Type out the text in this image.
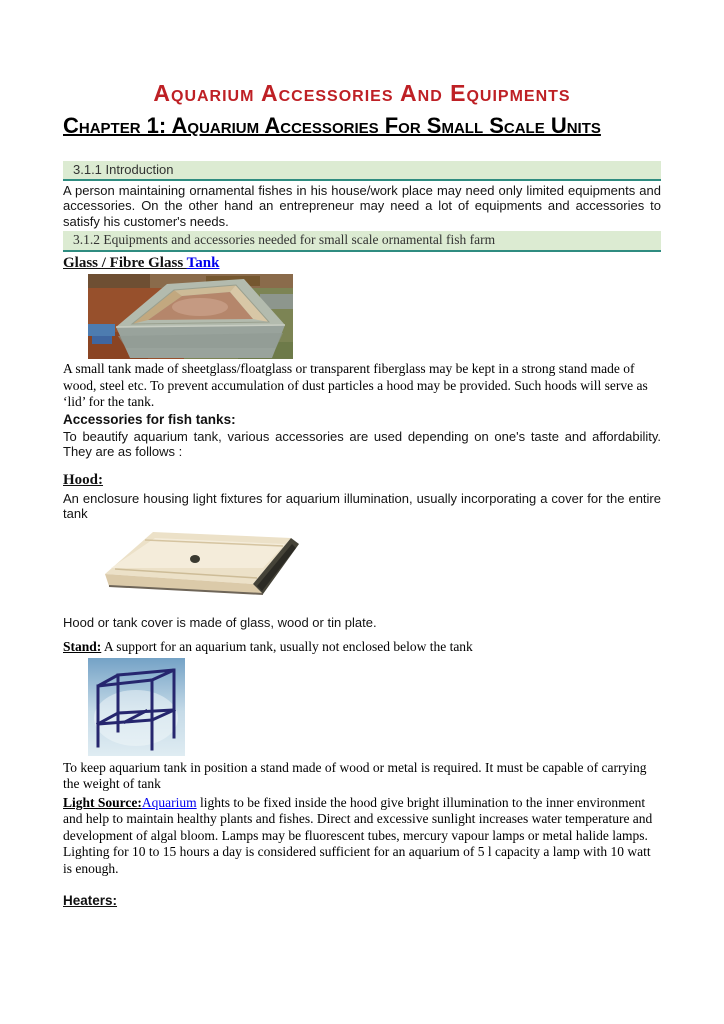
Aquarium Accessories And Equipments
Chapter 1: Aquarium Accessories For Small Scale Units
3.1.1 Introduction

A person maintaining ornamental fishes in his house/work place may need only limited equipments and accessories. On the other hand an entrepreneur may need a lot of equipments and accessories to satisfy his customer's needs.

3.1.2 Equipments and accessories needed for small scale ornamental fish farm
Glass / Fibre Glass Tank

A small tank made of sheetglass/floatglass or transparent fiberglass may be kept in a strong stand made of wood, steel etc. To prevent accumulation of dust particles a hood may be provided. Such hoods will serve as ‘lid’ for the tank.

Accessories for fish tanks:

To beautify aquarium tank, various accessories are used depending on one's taste and affordability. They are as follows :

Hood:

An enclosure housing light fixtures for aquarium illumination, usually incorporating a cover for the entire tank

Hood or tank cover is made of glass, wood or tin plate.

Stand: A support for an aquarium tank, usually not enclosed below the tank

To keep aquarium tank in position a stand made of wood or metal is required. It must be capable of carrying the weight of tank

Light Source:Aquarium lights to be fixed inside the hood give bright illumination to the inner environment and help to maintain healthy plants and fishes. Direct and excessive sunlight increases water temperature and development of algal bloom. Lamps may be fluorescent tubes, mercury vapour lamps or metal halide lamps. Lighting for 10 to 15 hours a day is considered sufficient for an aquarium of 5 l capacity a lamp with 10 watt is enough.

Heaters:
